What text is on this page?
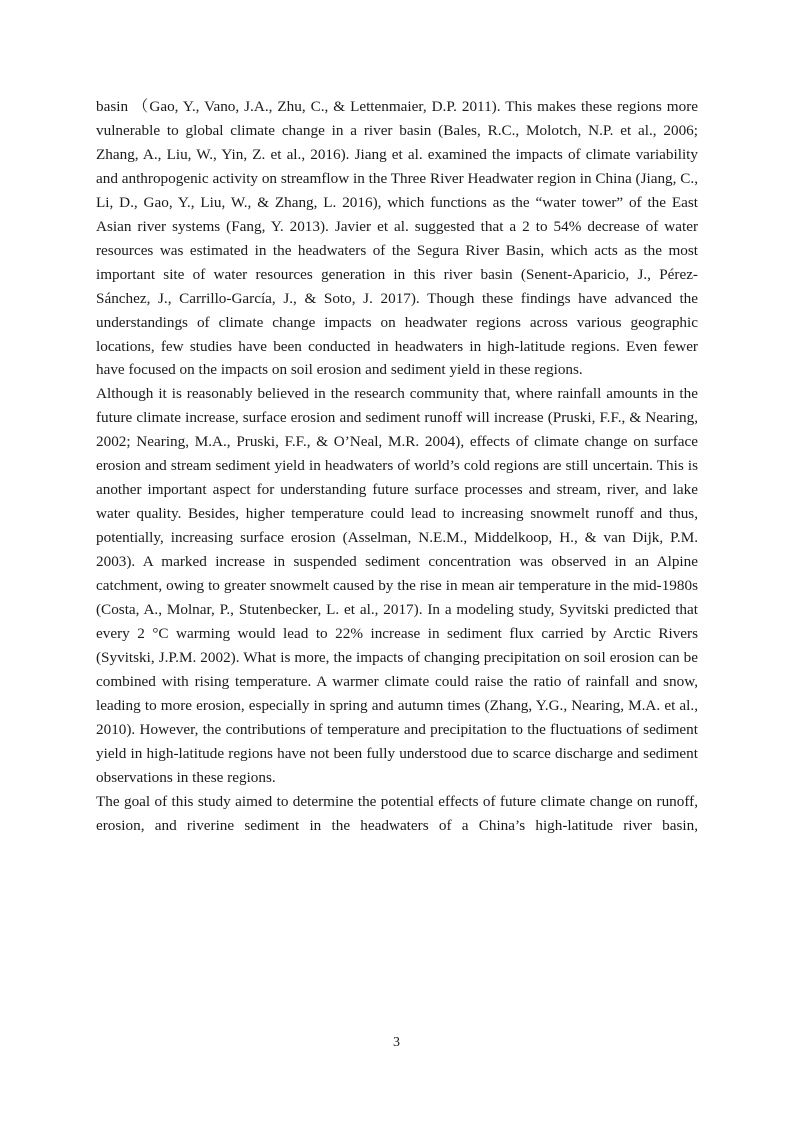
basin （Gao, Y., Vano, J.A., Zhu, C., & Lettenmaier, D.P. 2011). This makes these regions more vulnerable to global climate change in a river basin (Bales, R.C., Molotch, N.P. et al., 2006; Zhang, A., Liu, W., Yin, Z. et al., 2016). Jiang et al. examined the impacts of climate variability and anthropogenic activity on streamflow in the Three River Headwater region in China (Jiang, C., Li, D., Gao, Y., Liu, W., & Zhang, L. 2016), which functions as the “water tower” of the East Asian river systems (Fang, Y. 2013). Javier et al. suggested that a 2 to 54% decrease of water resources was estimated in the headwaters of the Segura River Basin, which acts as the most important site of water resources generation in this river basin (Senent-Aparicio, J., Pérez-Sánchez, J., Carrillo-García, J., & Soto, J. 2017). Though these findings have advanced the understandings of climate change impacts on headwater regions across various geographic locations, few studies have been conducted in headwaters in high-latitude regions. Even fewer have focused on the impacts on soil erosion and sediment yield in these regions.

Although it is reasonably believed in the research community that, where rainfall amounts in the future climate increase, surface erosion and sediment runoff will increase (Pruski, F.F., & Nearing, 2002; Nearing, M.A., Pruski, F.F., & O’Neal, M.R. 2004), effects of climate change on surface erosion and stream sediment yield in headwaters of world’s cold regions are still uncertain. This is another important aspect for understanding future surface processes and stream, river, and lake water quality. Besides, higher temperature could lead to increasing snowmelt runoff and thus, potentially, increasing surface erosion (Asselman, N.E.M., Middelkoop, H., & van Dijk, P.M. 2003). A marked increase in suspended sediment concentration was observed in an Alpine catchment, owing to greater snowmelt caused by the rise in mean air temperature in the mid-1980s (Costa, A., Molnar, P., Stutenbecker, L. et al., 2017). In a modeling study, Syvitski predicted that every 2 °C warming would lead to 22% increase in sediment flux carried by Arctic Rivers (Syvitski, J.P.M. 2002). What is more, the impacts of changing precipitation on soil erosion can be combined with rising temperature. A warmer climate could raise the ratio of rainfall and snow, leading to more erosion, especially in spring and autumn times (Zhang, Y.G., Nearing, M.A. et al., 2010). However, the contributions of temperature and precipitation to the fluctuations of sediment yield in high-latitude regions have not been fully understood due to scarce discharge and sediment observations in these regions.

The goal of this study aimed to determine the potential effects of future climate change on runoff, erosion, and riverine sediment in the headwaters of a China’s high-latitude river basin,

3
